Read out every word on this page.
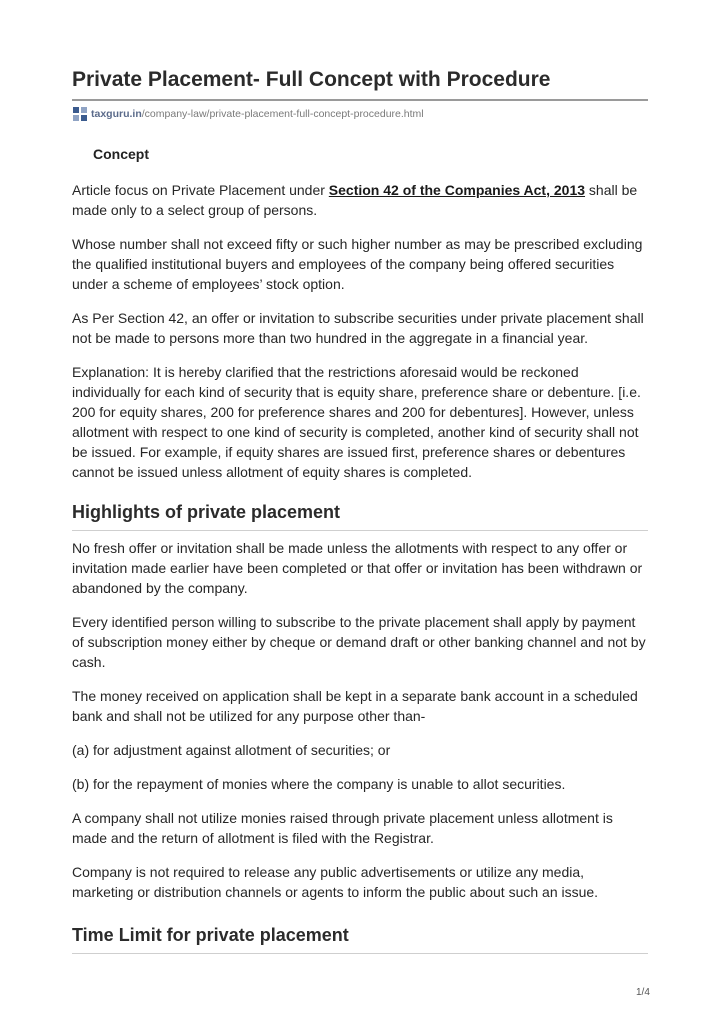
Private Placement- Full Concept with Procedure
taxguru.in /company-law/private-placement-full-concept-procedure.html
Concept

Article focus on Private Placement under Section 42 of the Companies Act, 2013 shall be made only to a select group of persons.

Whose number shall not exceed fifty or such higher number as may be prescribed excluding the qualified institutional buyers and employees of the company being offered securities under a scheme of employees’ stock option.

As Per Section 42, an offer or invitation to subscribe securities under private placement shall not be made to persons more than two hundred in the aggregate in a financial year.

Explanation: It is hereby clarified that the restrictions aforesaid would be reckoned individually for each kind of security that is equity share, preference share or debenture. [i.e. 200 for equity shares, 200 for preference shares and 200 for debentures]. However, unless allotment with respect to one kind of security is completed, another kind of security shall not be issued. For example, if equity shares are issued first, preference shares or debentures cannot be issued unless allotment of equity shares is completed.

Highlights of private placement

No fresh offer or invitation shall be made unless the allotments with respect to any offer or invitation made earlier have been completed or that offer or invitation has been withdrawn or abandoned by the company.

Every identified person willing to subscribe to the private placement shall apply by payment of subscription money either by cheque or demand draft or other banking channel and not by cash.

The money received on application shall be kept in a separate bank account in a scheduled bank and shall not be utilized for any purpose other than-

(a) for adjustment against allotment of securities; or

(b) for the repayment of monies where the company is unable to allot securities.

A company shall not utilize monies raised through private placement unless allotment is made and the return of allotment is filed with the Registrar.

Company is not required to release any public advertisements or utilize any media, marketing or distribution channels or agents to inform the public about such an issue.

Time Limit for private placement
1/4
